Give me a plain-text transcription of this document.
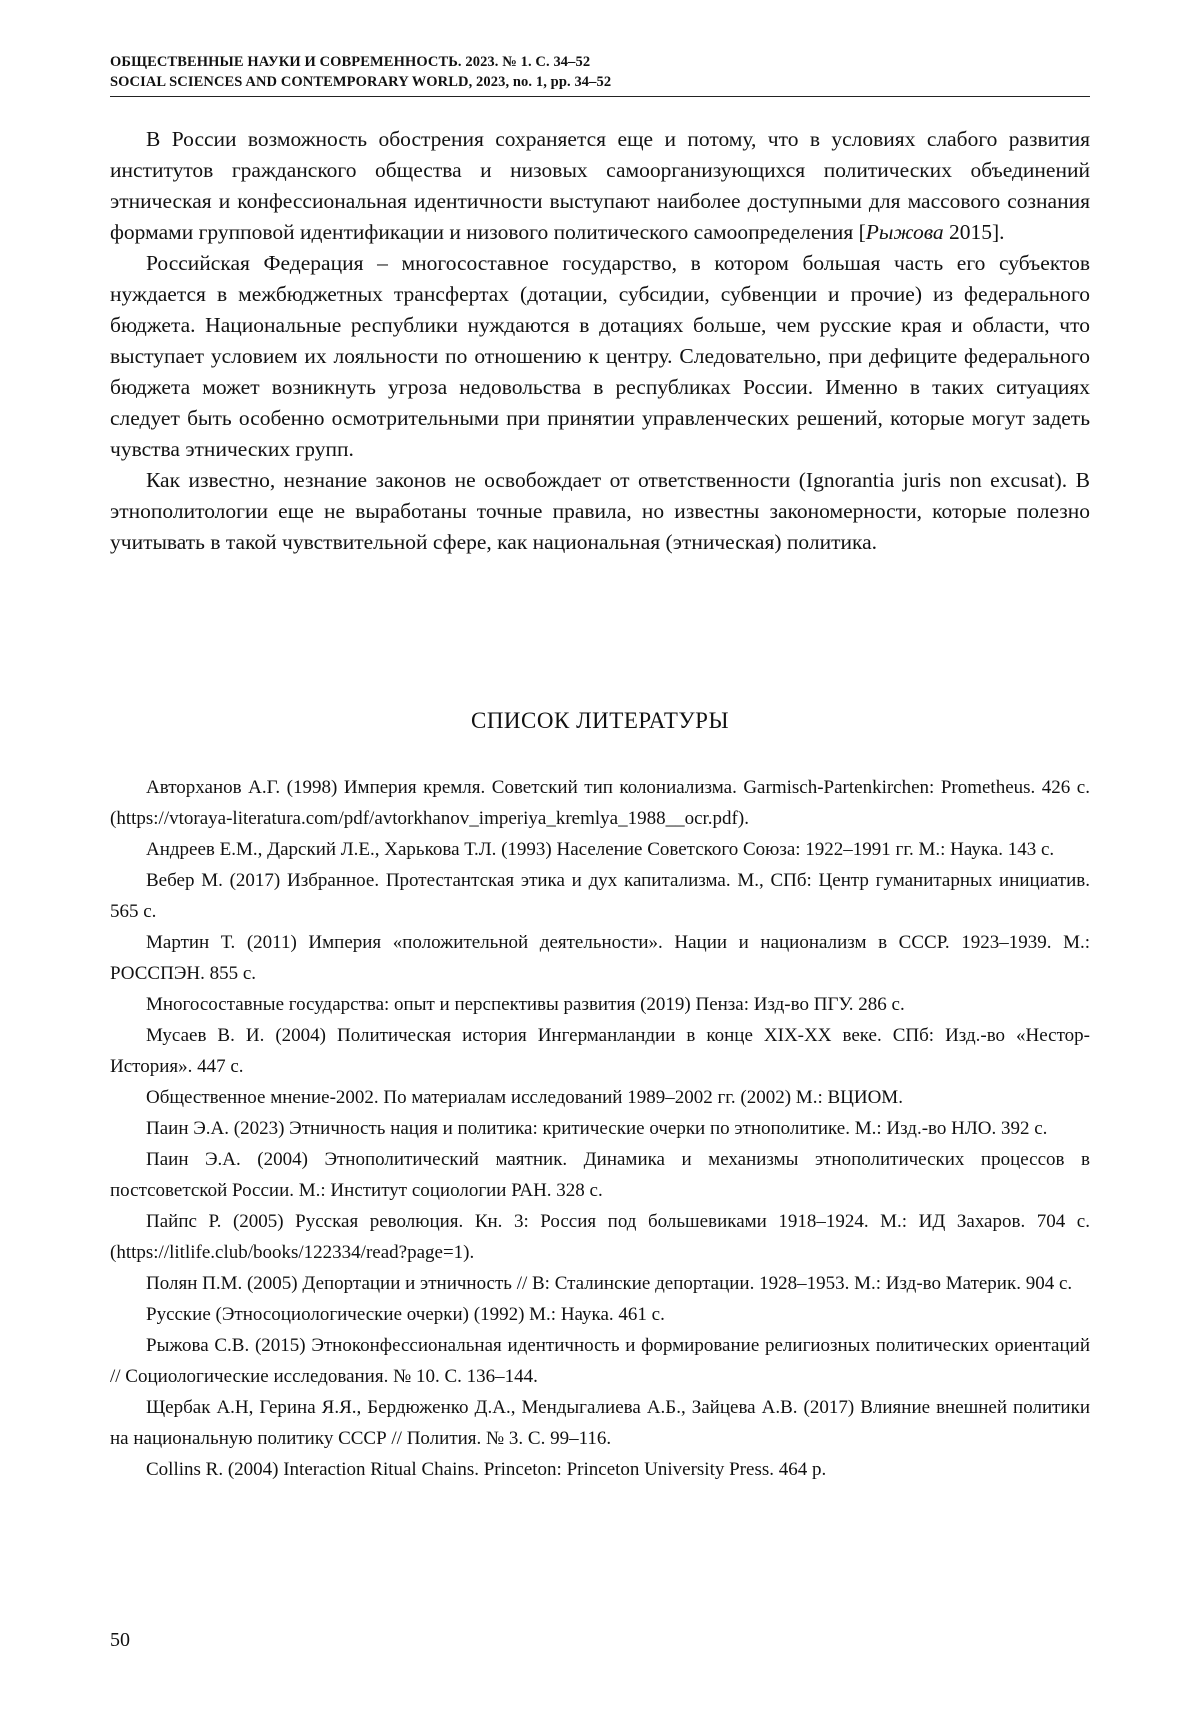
ОБЩЕСТВЕННЫЕ НАУКИ И СОВРЕМЕННОСТЬ. 2023. № 1. С. 34–52
SOCIAL SCIENCES AND CONTEMPORARY WORLD, 2023, no. 1, pp. 34–52

В России возможность обострения сохраняется еще и потому, что в условиях слабого развития институтов гражданского общества и низовых самоорганизующихся политических объединений этническая и конфессиональная идентичности выступают наиболее доступными для массового сознания формами групповой идентификации и низового политического самоопределения [Рыжова 2015].

Российская Федерация – многосоставное государство, в котором большая часть его субъектов нуждается в межбюджетных трансфертах (дотации, субсидии, субвенции и прочие) из федерального бюджета. Национальные республики нуждаются в дотациях больше, чем русские края и области, что выступает условием их лояльности по отношению к центру. Следовательно, при дефиците федерального бюджета может возникнуть угроза недовольства в республиках России. Именно в таких ситуациях следует быть особенно осмотрительными при принятии управленческих решений, которые могут задеть чувства этнических групп.

Как известно, незнание законов не освобождает от ответственности (Ignorantia juris non excusat). В этнополитологии еще не выработаны точные правила, но известны закономерности, которые полезно учитывать в такой чувствительной сфере, как национальная (этническая) политика.

СПИСОК ЛИТЕРАТУРЫ

Авторханов А.Г. (1998) Империя кремля. Советский тип колониализма. Garmisch-Partenkirchen: Prometheus. 426 с. (https://vtoraya-literatura.com/pdf/avtorkhanov_imperiya_kremlya_1988__ocr.pdf).

Андреев Е.М., Дарский Л.Е., Харькова Т.Л. (1993) Население Советского Союза: 1922–1991 гг. М.: Наука. 143 с.

Вебер М. (2017) Избранное. Протестантская этика и дух капитализма. М., СПб: Центр гуманитарных инициатив. 565 с.

Мартин Т. (2011) Империя «положительной деятельности». Нации и национализм в СССР. 1923–1939. М.: РОССПЭН. 855 с.

Многосоставные государства: опыт и перспективы развития (2019) Пенза: Изд-во ПГУ. 286 с.

Мусаев В. И. (2004) Политическая история Ингерманландии в конце XIX-XX веке. СПб: Изд.-во «Нестор-История». 447 с.

Общественное мнение-2002. По материалам исследований 1989–2002 гг. (2002) М.: ВЦИОМ.

Паин Э.А. (2023) Этничность нация и политика: критические очерки по этнополитике. М.: Изд.-во НЛО. 392 с.

Паин Э.А. (2004) Этнополитический маятник. Динамика и механизмы этнополитических процессов в постсоветской России. М.: Институт социологии РАН. 328 с.

Пайпс Р. (2005) Русская революция. Кн. 3: Россия под большевиками 1918–1924. М.: ИД Захаров. 704 с. (https://litlife.club/books/122334/read?page=1).

Полян П.М. (2005) Депортации и этничность // В: Сталинские депортации. 1928–1953. М.: Изд-во Материк. 904 с.

Русские (Этносоциологические очерки) (1992) М.: Наука. 461 с.

Рыжова С.В. (2015) Этноконфессиональная идентичность и формирование религиозных политических ориентаций // Социологические исследования. № 10. С. 136–144.

Щербак А.Н, Герина Я.Я., Бердюженко Д.А., Мендыгалиева А.Б., Зайцева А.В. (2017) Влияние внешней политики на национальную политику СССР // Полития. № 3. С. 99–116.

Collins R. (2004) Interaction Ritual Chains. Princeton: Princeton University Press. 464 p.

50
